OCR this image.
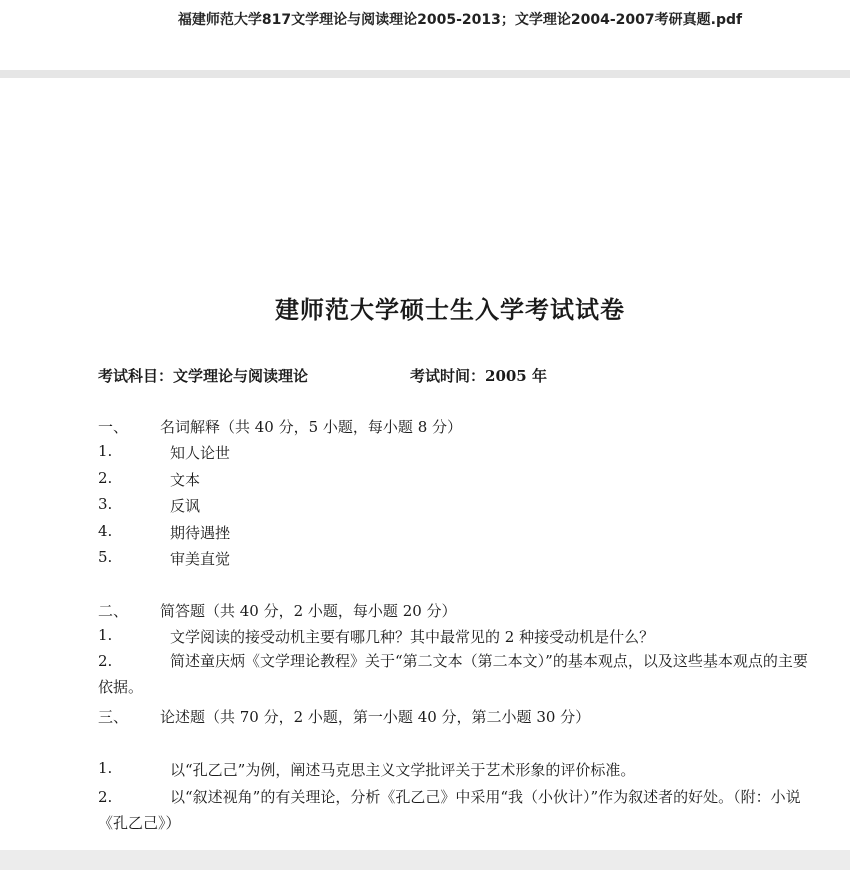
福建师范大学817文学理论与阅读理论2005-2013；文学理论2004-2007考研真题.pdf
建师范大学硕士生入学考试试卷
考试科目：文学理论与阅读理论	考试时间：2005 年
一、 名词解释（共 40 分，5 小题，每小题 8 分）
1.	知人论世
2.	文本
3.	反讽
4.	期待遇挫
5.	审美直觉
二、 简答题（共 40 分，2 小题，每小题 20 分）
1.	文学阅读的接受动机主要有哪几种？其中最常见的 2 种接受动机是什么？
2.	简述童庆炳《文学理论教程》关于“第二文本（第二本文）”的基本观点，以及这些基本观点的主要依据。
三、 论述题（共 70 分，2 小题，第一小题 40 分，第二小题 30 分）
1.	以“孔乙己”为例，阐述马克思主义文学批评关于艺术形象的评价标准。
2.	以“叙述视角”的有关理论，分析《孔乙己》中采用“我（小伙计）”作为叙述者的好处。（附：小说《孔乙己》）
